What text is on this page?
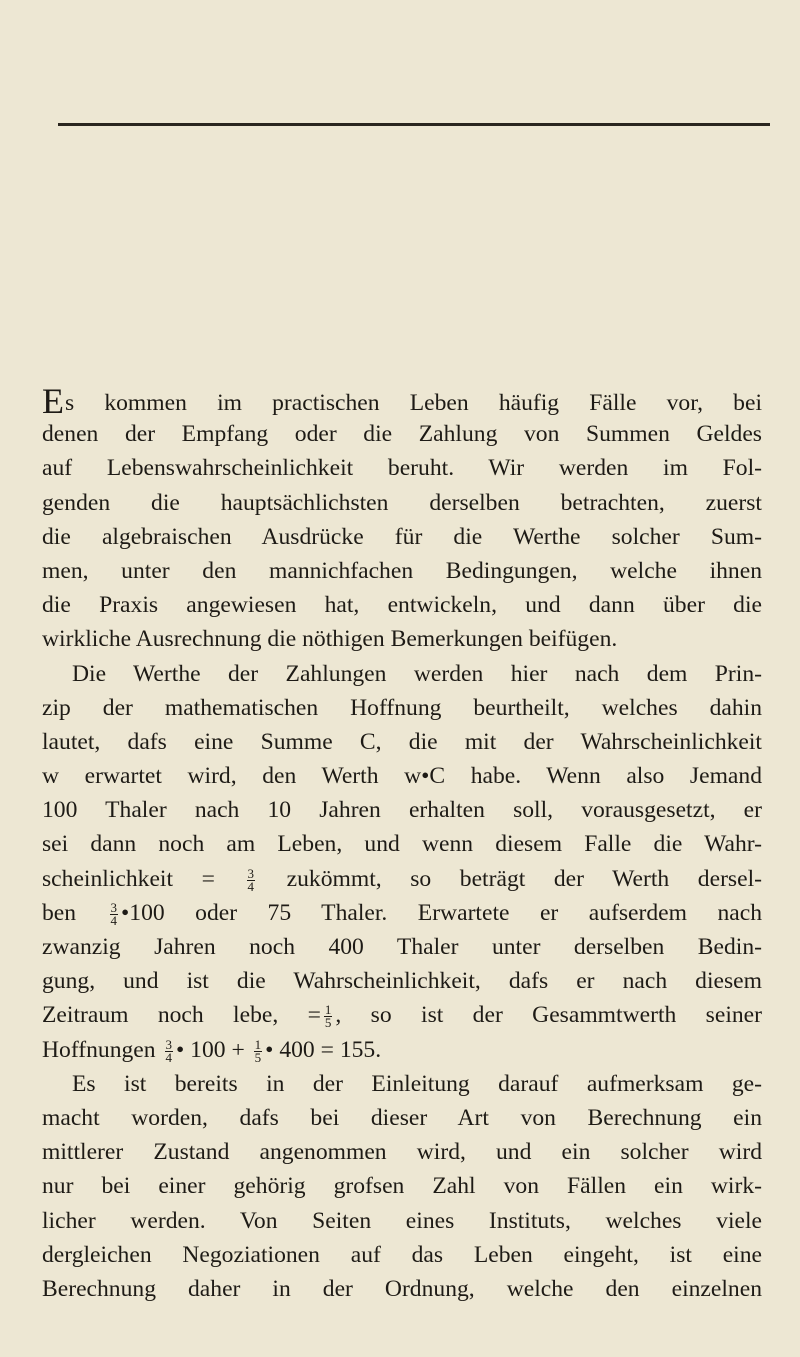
Es kommen im practischen Leben häufig Fälle vor, bei
denen der Empfang oder die Zahlung von Summen Geldes
auf Lebenswahrscheinlichkeit beruht. Wir werden im Fol-
genden die hauptsächlichsten derselben betrachten, zuerst
die algebraischen Ausdrücke für die Werthe solcher Sum-
men, unter den mannichfachen Bedingungen, welche ihnen
die Praxis angewiesen hat, entwickeln, und dann über die
wirkliche Ausrechnung die nöthigen Bemerkungen beifügen.
Die Werthe der Zahlungen werden hier nach dem Prin-
zip der mathematischen Hoffnung beurtheilt, welches dahin
lautet, dafs eine Summe C, die mit der Wahrscheinlichkeit
w erwartet wird, den Werth w•C habe. Wenn also Jemand
100 Thaler nach 10 Jahren erhalten soll, vorausgesetzt, er
sei dann noch am Leben, und wenn diesem Falle die Wahr-
scheinlichkeit = $\frac{3}{4}$ zukömmt, so beträgt der Werth dersel-
ben	$\frac{3}{4}$ •100 oder 75 Thaler. Erwartete er aufserdem nach
zwanzig Jahren noch 400 Thaler unter derselben Bedin-
gung, und ist die Wahrscheinlichkeit, dafs er nach diesem
Zeitraum noch lebe, = $\frac{1}{5}$ , so ist der Gesammtwerth seiner
Hoffnungen $\frac{3}{4}$ • $100 + \frac{1}{5}$ • 400 = 155.
Es ist bereits in der Einleitung darauf aufmerksam ge-
macht worden, dafs bei dieser Art von Berechnung ein
mittlerer Zustand angenommen wird, und ein solcher wird
nur bei einer gehörig grofsen Zahl von Fällen ein wirk-
licher werden. Von Seiten eines Instituts, welches viele
dergleichen Negoziationen auf das Leben eingeht, ist eine
Berechnung daher in der Ordnung, welche den einzelnen
